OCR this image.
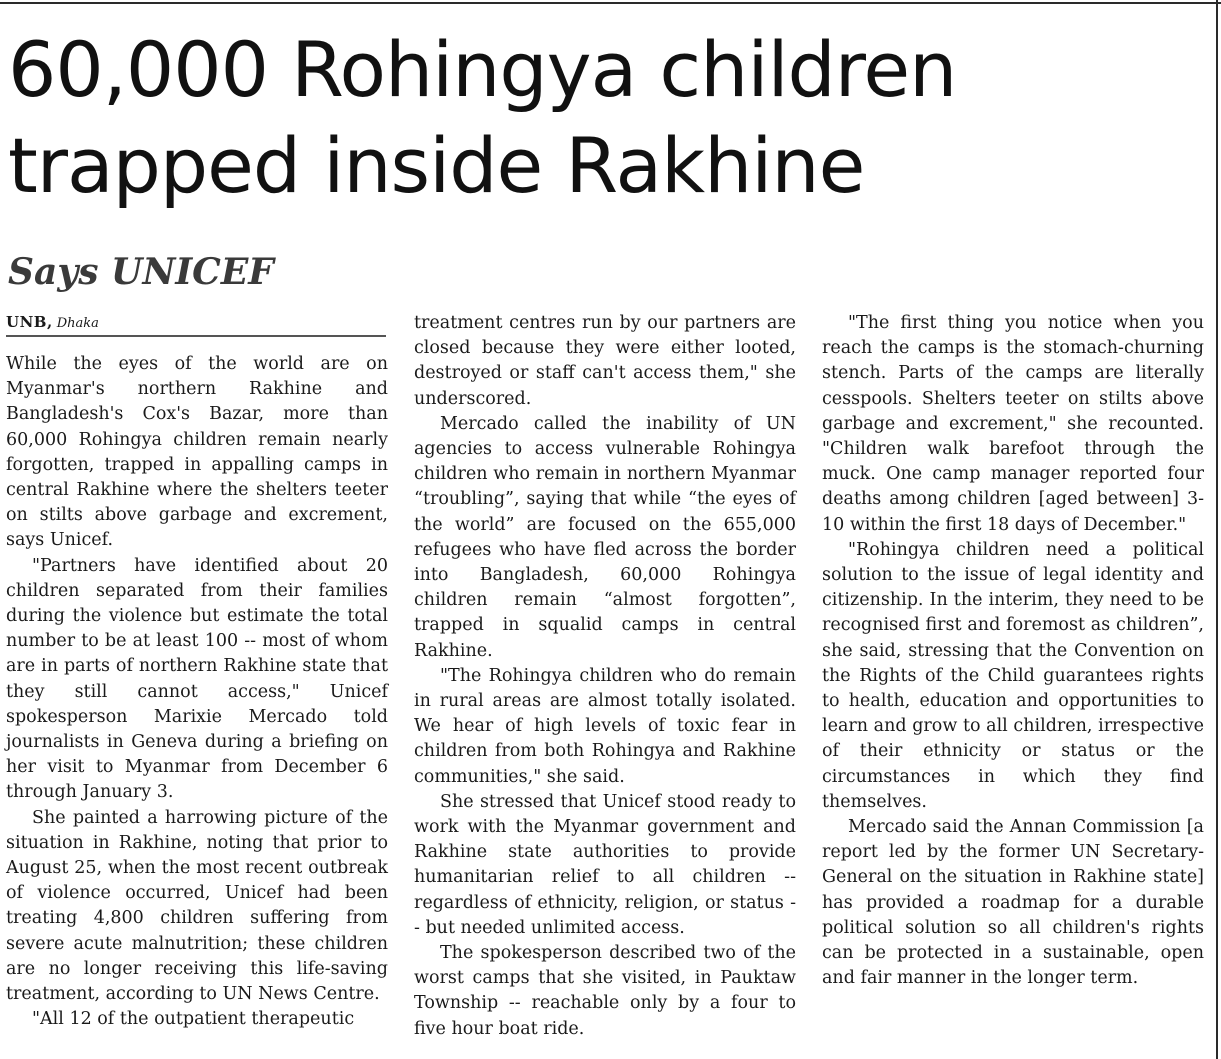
60,000 Rohingya children trapped inside Rakhine
Says UNICEF
UNB, Dhaka

While the eyes of the world are on Myanmar's northern Rakhine and Bangladesh's Cox's Bazar, more than 60,000 Rohingya children remain nearly forgotten, trapped in appalling camps in central Rakhine where the shelters teeter on stilts above garbage and excrement, says Unicef.

"Partners have identified about 20 children separated from their families during the violence but estimate the total number to be at least 100 -- most of whom are in parts of northern Rakhine state that they still cannot access," Unicef spokesperson Marixie Mercado told journalists in Geneva during a briefing on her visit to Myanmar from December 6 through January 3.

She painted a harrowing picture of the situation in Rakhine, noting that prior to August 25, when the most recent outbreak of violence occurred, Unicef had been treating 4,800 children suffering from severe acute malnutrition; these children are no longer receiving this life-saving treatment, according to UN News Centre.

"All 12 of the outpatient therapeutic

treatment centres run by our partners are closed because they were either looted, destroyed or staff can't access them," she underscored.

Mercado called the inability of UN agencies to access vulnerable Rohingya children who remain in northern Myanmar “troubling”, saying that while “the eyes of the world” are focused on the 655,000 refugees who have fled across the border into Bangladesh, 60,000 Rohingya children remain “almost forgotten”, trapped in squalid camps in central Rakhine.

"The Rohingya children who do remain in rural areas are almost totally isolated. We hear of high levels of toxic fear in children from both Rohingya and Rakhine communities," she said.

She stressed that Unicef stood ready to work with the Myanmar government and Rakhine state authorities to provide humanitarian relief to all children -- regardless of ethnicity, religion, or status -- but needed unlimited access.

The spokesperson described two of the worst camps that she visited, in Pauktaw Township -- reachable only by a four to five hour boat ride.

"The first thing you notice when you reach the camps is the stomach-churning stench. Parts of the camps are literally cesspools. Shelters teeter on stilts above garbage and excrement," she recounted. "Children walk barefoot through the muck. One camp manager reported four deaths among children [aged between] 3-10 within the first 18 days of December."

"Rohingya children need a political solution to the issue of legal identity and citizenship. In the interim, they need to be recognised first and foremost as children”, she said, stressing that the Convention on the Rights of the Child guarantees rights to health, education and opportunities to learn and grow to all children, irrespective of their ethnicity or status or the circumstances in which they find themselves.

Mercado said the Annan Commission [a report led by the former UN Secretary-General on the situation in Rakhine state] has provided a roadmap for a durable political solution so all children's rights can be protected in a sustainable, open and fair manner in the longer term.
